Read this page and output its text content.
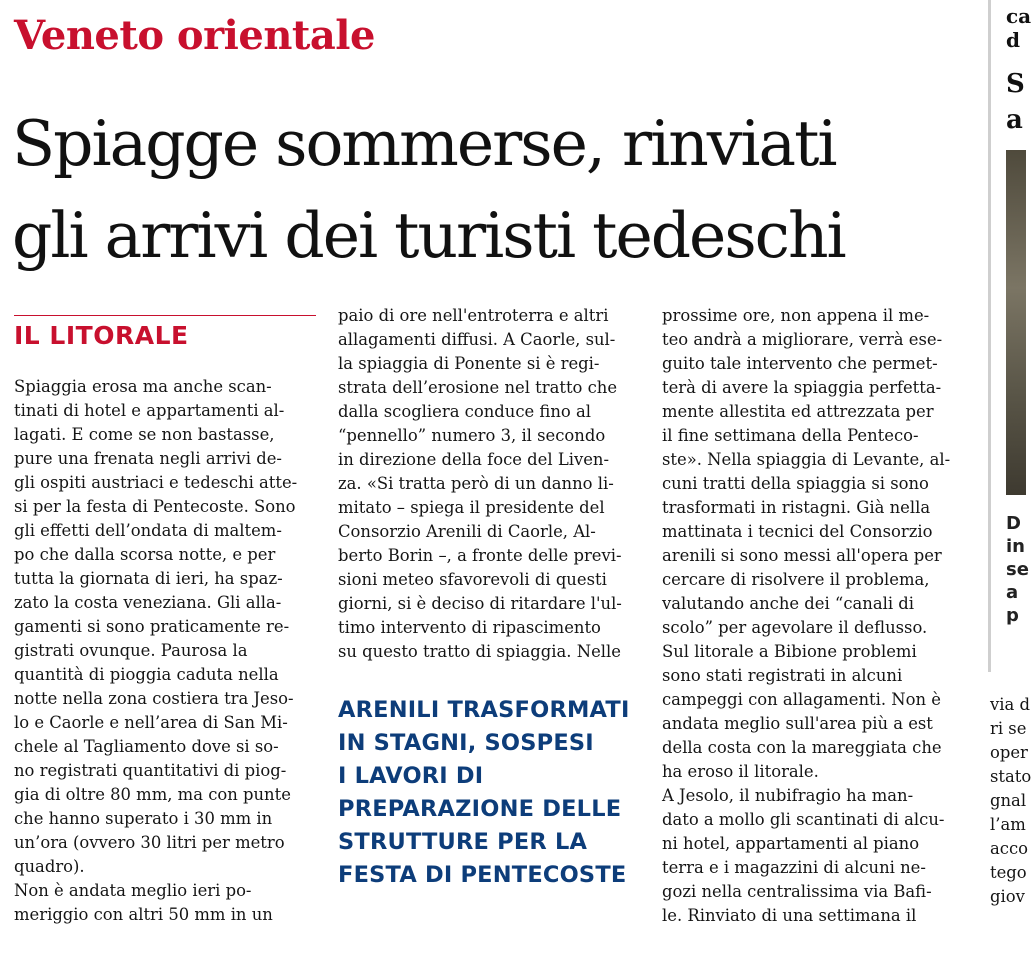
Veneto orientale
Spiagge sommerse, rinviati
gli arrivi dei turisti tedeschi
IL LITORALE
Spiaggia erosa ma anche scan-
tinati di hotel e appartamenti al-
lagati. E come se non bastasse,
pure una frenata negli arrivi de-
gli ospiti austriaci e tedeschi atte-
si per la festa di Pentecoste. Sono
gli effetti dell’ondata di maltem-
po che dalla scorsa notte, e per
tutta la giornata di ieri, ha spaz-
zato la costa veneziana. Gli alla-
gamenti si sono praticamente re-
gistrati ovunque. Paurosa la
quantità di pioggia caduta nella
notte nella zona costiera tra Jeso-
lo e Caorle e nell’area di San Mi-
chele al Tagliamento dove si so-
no registrati quantitativi di piog-
gia di oltre 80 mm, ma con punte
che hanno superato i 30 mm in
un’ora (ovvero 30 litri per metro
quadro).
Non è andata meglio ieri po-
meriggio con altri 50 mm in un
paio di ore nell'entroterra e altri
allagamenti diffusi. A Caorle, sul-
la spiaggia di Ponente si è regi-
strata dell’erosione nel tratto che
dalla scogliera conduce fino al
“pennello” numero 3, il secondo
in direzione della foce del Liven-
za. «Si tratta però di un danno li-
mitato – spiega il presidente del
Consorzio Arenili di Caorle, Al-
berto Borin –, a fronte delle previ-
sioni meteo sfavorevoli di questi
giorni, si è deciso di ritardare l'ul-
timo intervento di ripascimento
su questo tratto di spiaggia. Nelle
prossime ore, non appena il me-
teo andrà a migliorare, verrà ese-
guito tale intervento che permet-
terà di avere la spiaggia perfetta-
mente allestita ed attrezzata per
il fine settimana della Penteco-
ste». Nella spiaggia di Levante, al-
cuni tratti della spiaggia si sono
trasformati in ristagni. Già nella
mattinata i tecnici del Consorzio
arenili si sono messi all'opera per
cercare di risolvere il problema,
valutando anche dei “canali di
scolo” per agevolare il deflusso.
Sul litorale a Bibione problemi
sono stati registrati in alcuni
campeggi con allagamenti. Non è
andata meglio sull'area più a est
della costa con la mareggiata che
ha eroso il litorale.
A Jesolo, il nubifragio ha man-
dato a mollo gli scantinati di alcu-
ni hotel, appartamenti al piano
terra e i magazzini di alcuni ne-
gozi nella centralissima via Bafi-
le. Rinviato di una settimana il
ARENILI TRASFORMATI
IN STAGNI, SOSPESI
I LAVORI DI
PREPARAZIONE DELLE
STRUTTURE PER LA
FESTA DI PENTECOSTE
ca
d
S
a
D
in
se
a
p
via d
ri se
oper
stato
gnal
l’am
acco
tego
giov
